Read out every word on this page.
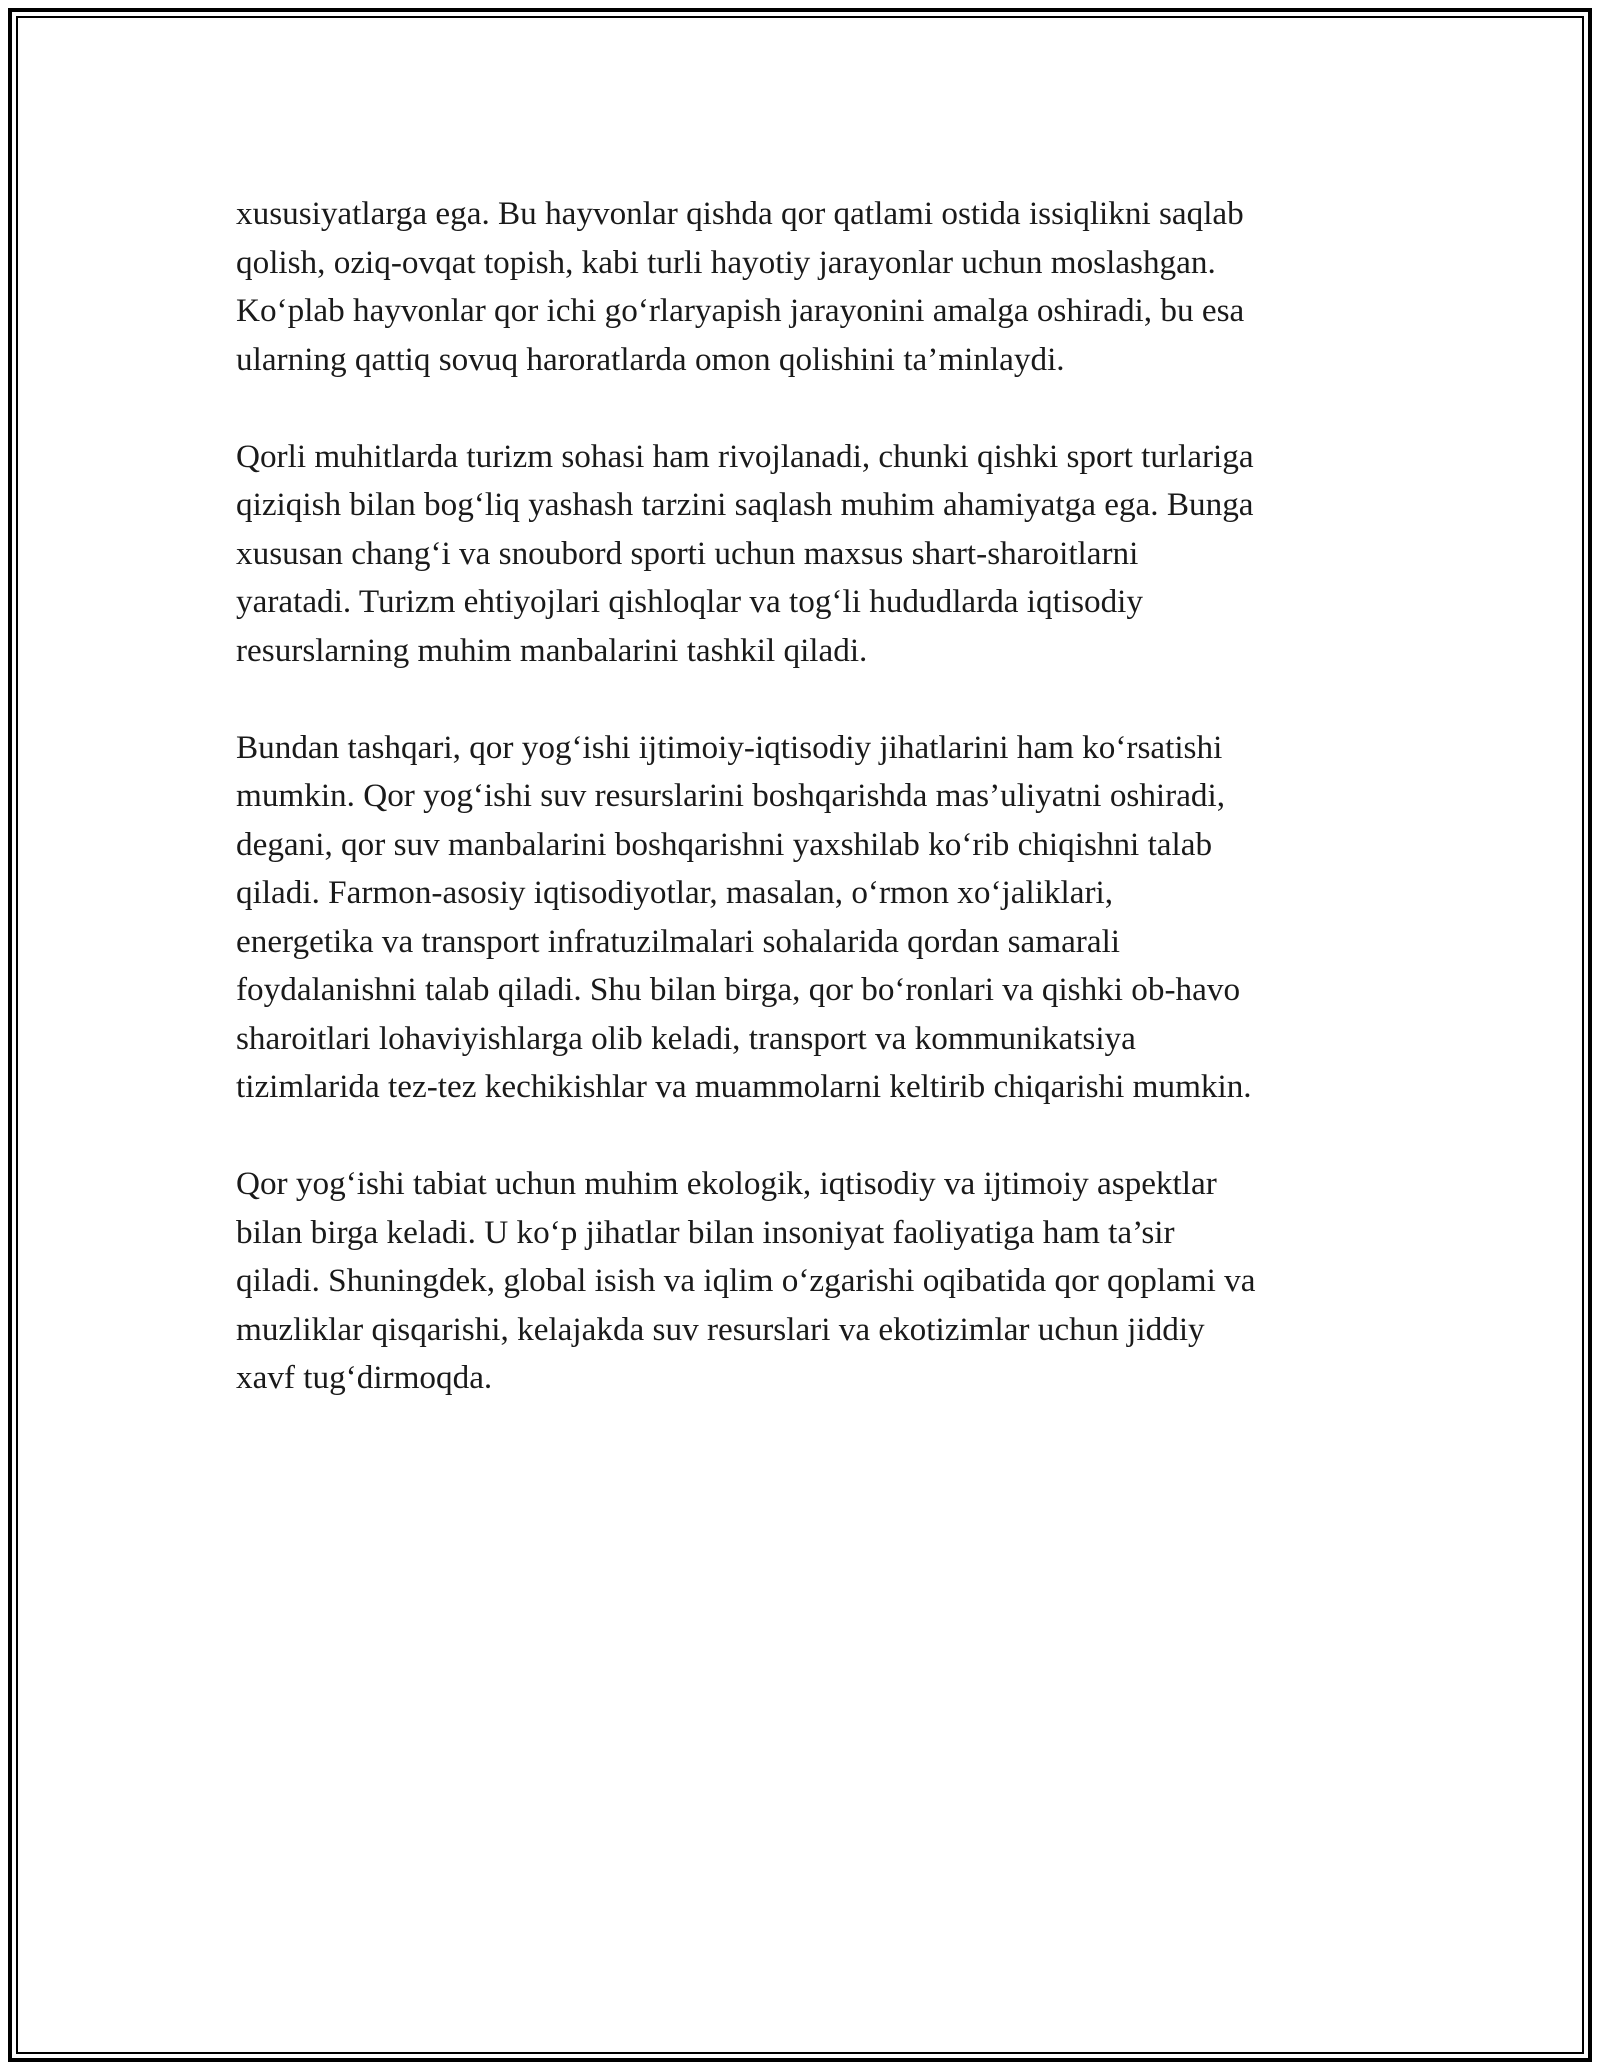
xususiyatlarga ega. Bu hayvonlar qishda qor qatlami ostida issiqlikni saqlab
qolish, oziq-ovqat topish, kabi turli hayotiy jarayonlar uchun moslashgan.
Ko‘plab hayvonlar qor ichi go‘rlaryapish jarayonini amalga oshiradi, bu esa
ularning qattiq sovuq haroratlarda omon qolishini ta’minlaydi.

Qorli muhitlarda turizm sohasi ham rivojlanadi, chunki qishki sport turlariga
qiziqish bilan bog‘liq yashash tarzini saqlash muhim ahamiyatga ega. Bunga
xususan chang‘i va snoubord sporti uchun maxsus shart-sharoitlarni
yaratadi. Turizm ehtiyojlari qishloqlar va tog‘li hududlarda iqtisodiy
resurslarning muhim manbalarini tashkil qiladi.

Bundan tashqari, qor yog‘ishi ijtimoiy-iqtisodiy jihatlarini ham ko‘rsatishi
mumkin. Qor yog‘ishi suv resurslarini boshqarishda mas’uliyatni oshiradi,
degani, qor suv manbalarini boshqarishni yaxshilab ko‘rib chiqishni talab
qiladi. Farmon-asosiy iqtisodiyotlar, masalan, o‘rmon xo‘jaliklari,
energetika va transport infratuzilmalari sohalarida qordan samarali
foydalanishni talab qiladi. Shu bilan birga, qor bo‘ronlari va qishki ob-havo
sharoitlari lohaviyishlarga olib keladi, transport va kommunikatsiya
tizimlarida tez-tez kechikishlar va muammolarni keltirib chiqarishi mumkin.

Qor yog‘ishi tabiat uchun muhim ekologik, iqtisodiy va ijtimoiy aspektlar
bilan birga keladi. U ko‘p jihatlar bilan insoniyat faoliyatiga ham ta’sir
qiladi. Shuningdek, global isish va iqlim o‘zgarishi oqibatida qor qoplami va
muzliklar qisqarishi, kelajakda suv resurslari va ekotizimlar uchun jiddiy
xavf tug‘dirmoqda.
